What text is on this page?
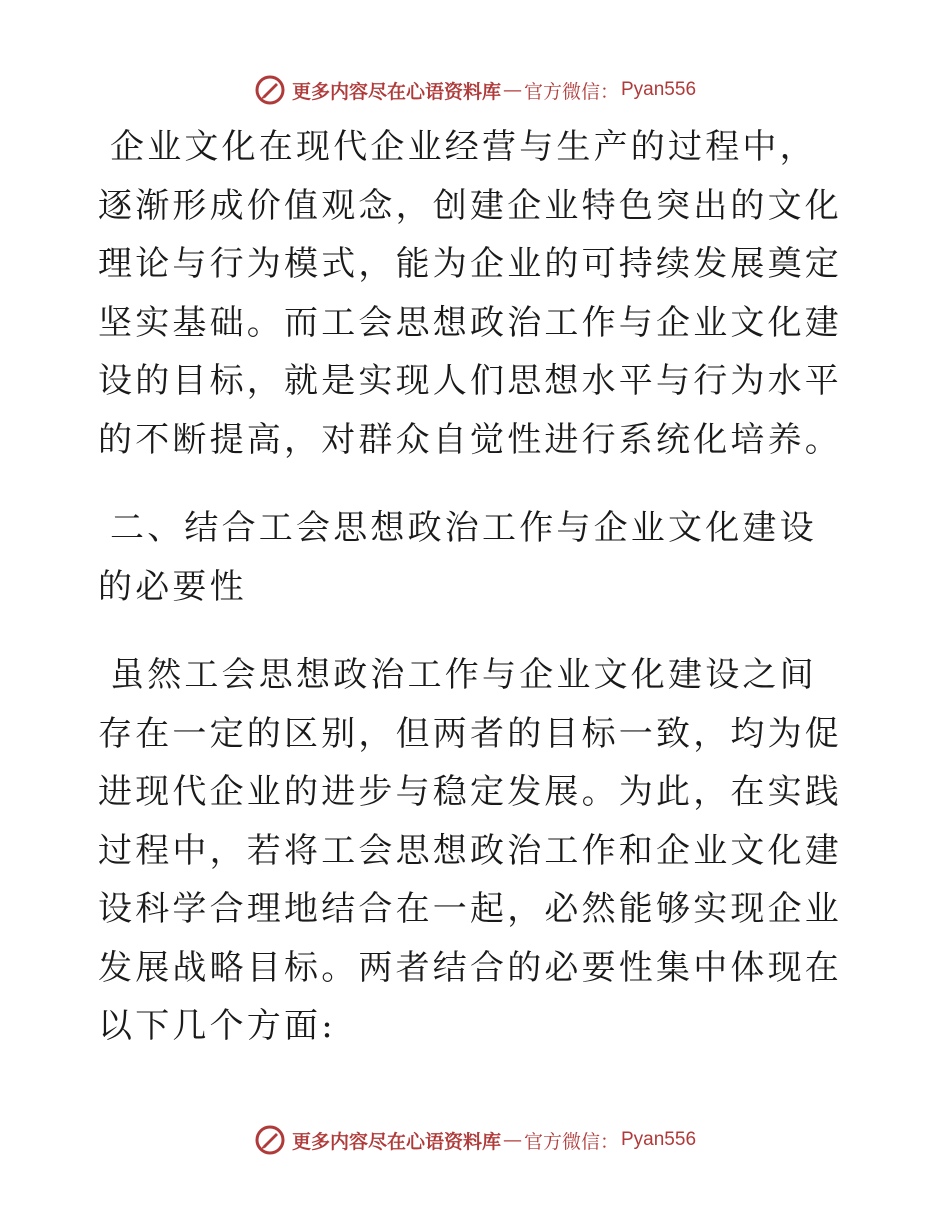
更多内容尽在心语资料库 — 官方微信： Pyan556

企业文化在现代企业经营与生产的过程中，逐渐形成价值观念，创建企业特色突出的文化理论与行为模式，能为企业的可持续发展奠定坚实基础。而工会思想政治工作与企业文化建设的目标，就是实现人们思想水平与行为水平的不断提高，对群众自觉性进行系统化培养。

二、结合工会思想政治工作与企业文化建设的必要性

虽然工会思想政治工作与企业文化建设之间存在一定的区别，但两者的目标一致，均为促进现代企业的进步与稳定发展。为此，在实践过程中，若将工会思想政治工作和企业文化建设科学合理地结合在一起，必然能够实现企业发展战略目标。两者结合的必要性集中体现在以下几个方面:

更多内容尽在心语资料库 — 官方微信： Pyan556
